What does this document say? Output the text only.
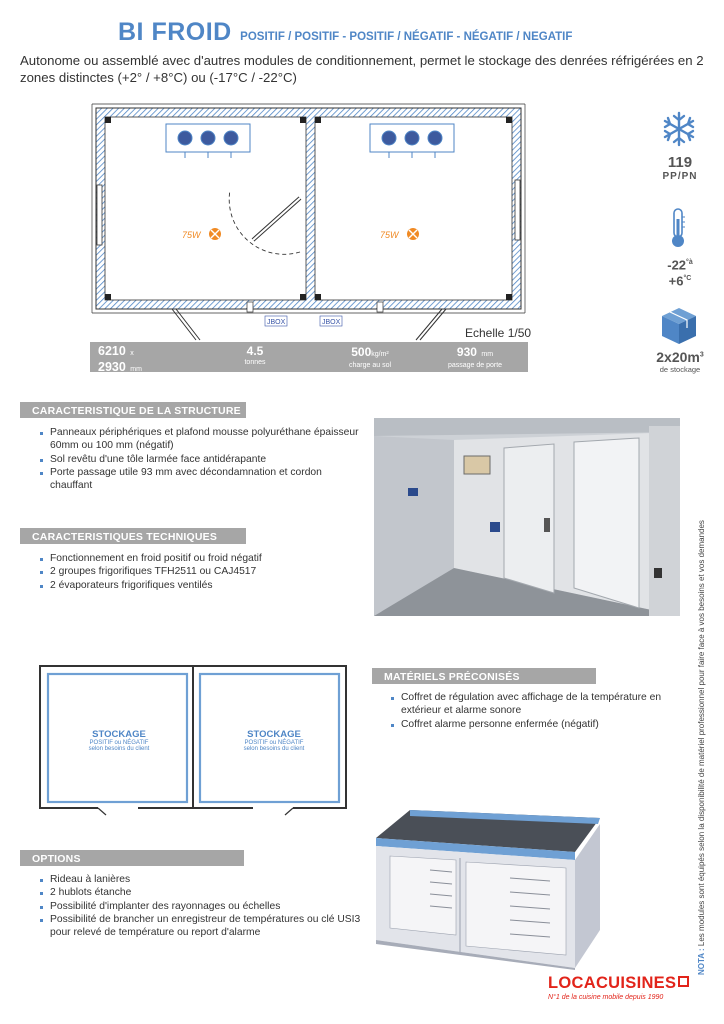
BI FROID POSITIF / POSITIF - POSITIF / NÉGATIF - NÉGATIF / NEGATIF
Autonome ou assemblé avec d'autres modules de conditionnement, permet le stockage des denrées réfrigérées en 2 zones distinctes (+2° / +8°C) ou (-17°C / -22°C)
75W	75W
JBOX	JBOX
Echelle 1/50
6210 x
2930 mm
4.5
tonnes
500kg/m²
charge au sol
930 mm
passage de porte
119
PP/PN
$-22^{^\circ à}$
$+6^{^\circ C}$
$2x20m^3$
de stockage
CARACTERISTIQUE DE LA STRUCTURE
Panneaux périphériques et plafond mousse polyuréthane épaisseur 60mm ou 100 mm (négatif)
Sol revêtu d'une tôle larmée face antidérapante
Porte passage utile 93 mm avec décondamnation et cordon chauffant
CARACTERISTIQUES TECHNIQUES
Fonctionnement en froid positif ou froid négatif
2 groupes frigorifiques TFH2511 ou CAJ4517
2 évaporateurs frigorifiques ventilés
STOCKAGE
POSITIF ou NÉGATIF
selon besoins du client
STOCKAGE
POSITIF ou NÉGATIF
selon besoins du client
MATÉRIELS PRÉCONISÉS
Coffret de régulation avec affichage de la température en extérieur et alarme sonore
Coffret alarme personne enfermée (négatif)
OPTIONS
Rideau à lanières
2 hublots étanche
Possibilité d'implanter des rayonnages ou échelles
Possibilité de brancher un enregistreur de températures ou clé USI3 pour relevé de température ou report d'alarme
NOTA : Les modules sont équipés selon la disponibilité de matériel professionnel pour faire face à vos besoins et vos demandes
LOCACUISINES
N°1 de la cuisine mobile depuis 1990
